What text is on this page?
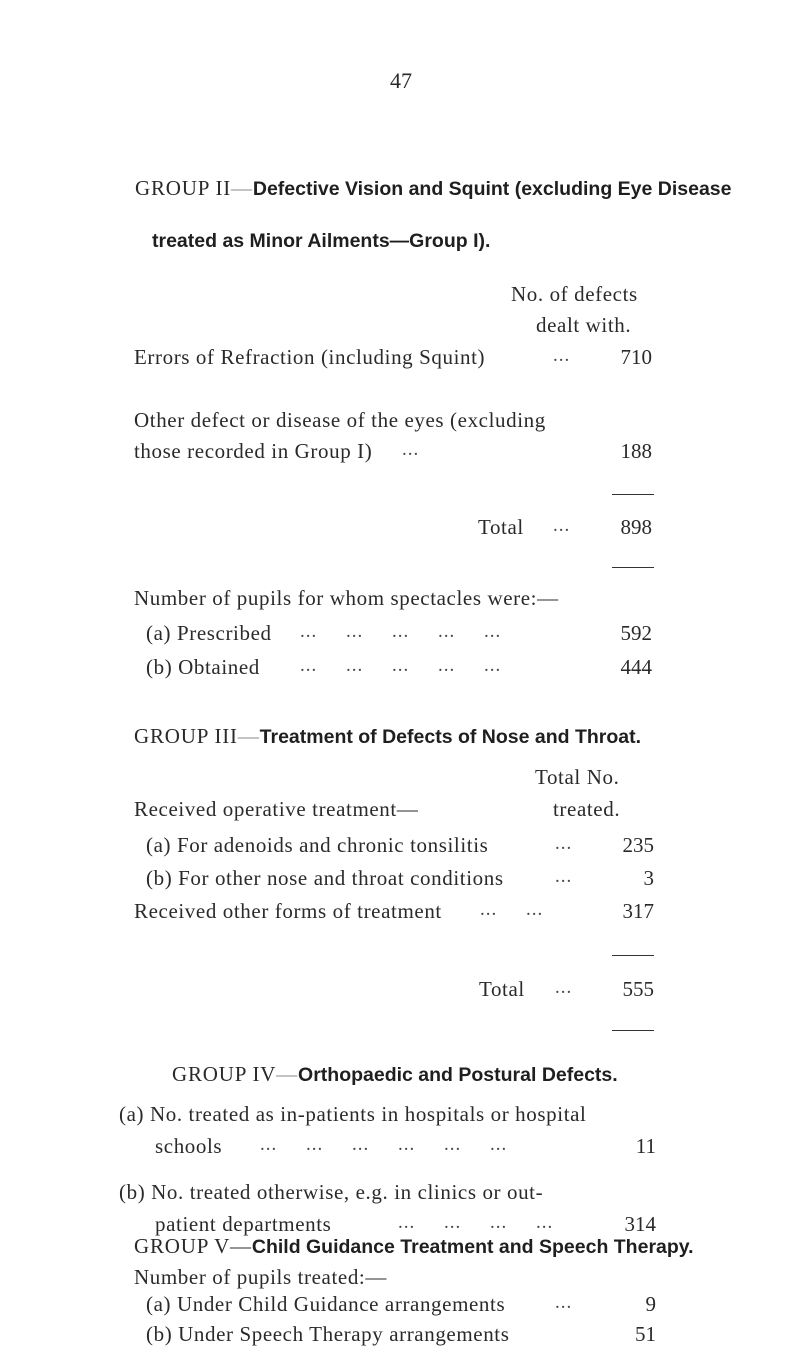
47
GROUP II—Defective Vision and Squint (excluding Eye Disease
treated as Minor Ailments—Group I).
No. of defects
dealt with.
Errors of Refraction (including Squint)	...	710
Other defect or disease of the eyes (excluding
those recorded in Group I) ...	188
Total ...	898
Number of pupils for whom spectacles were:—
(a) Prescribed ...     ...     ...     ...     ...	592
(b) Obtained ...     ...     ...     ...     ...	444
GROUP III—Treatment of Defects of Nose and Throat.
Total No.
treated.
Received operative treatment—
(a) For adenoids and chronic tonsilitis	...	235
(b) For other nose and throat conditions	...	3
Received other forms of treatment ...     ...	317
Total ...	555
GROUP IV—Orthopaedic and Postural Defects.
(a) No. treated as in-patients in hospitals or hospital
schools ...     ...     ...     ...     ...     ...	11
(b) No. treated otherwise, e.g. in clinics or out-
patient departments	...     ...     ...     ...	314
GROUP V—Child Guidance Treatment and Speech Therapy.
Number of pupils treated:—
(a) Under Child Guidance arrangements	...	9
(b) Under Speech Therapy arrangements	51
